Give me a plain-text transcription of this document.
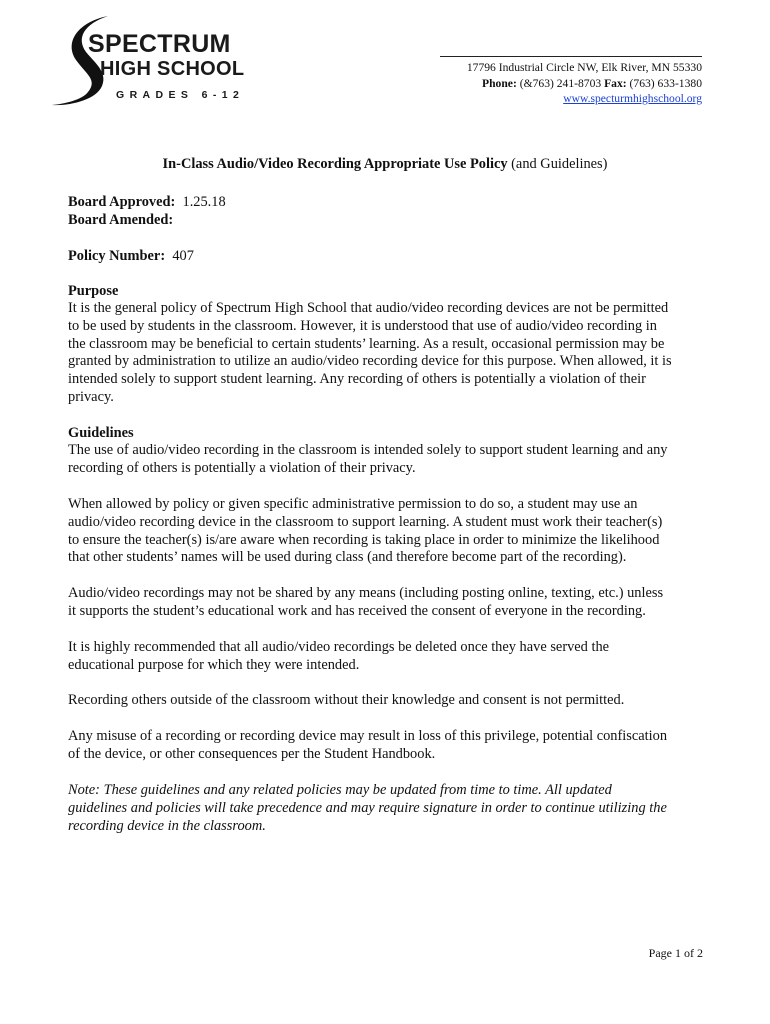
SPECTRUM
HIGH SCHOOL
GRADES 6-12
17796 Industrial Circle NW, Elk River, MN 55330
Phone: (&763) 241-8703 Fax: (763) 633-1380
www.specturmhighschool.org
In-Class Audio/Video Recording Appropriate Use Policy (and Guidelines)
Board Approved: 1.25.18
Board Amended:
Policy Number: 407
Purpose
It is the general policy of Spectrum High School that audio/video recording devices are not be permitted
to be used by students in the classroom. However, it is understood that use of audio/video recording in
the classroom may be beneficial to certain students’ learning. As a result, occasional permission may be
granted by administration to utilize an audio/video recording device for this purpose. When allowed, it is
intended solely to support student learning. Any recording of others is potentially a violation of their
privacy.
Guidelines
The use of audio/video recording in the classroom is intended solely to support student learning and any
recording of others is potentially a violation of their privacy.
When allowed by policy or given specific administrative permission to do so, a student may use an
audio/video recording device in the classroom to support learning. A student must work their teacher(s)
to ensure the teacher(s) is/are aware when recording is taking place in order to minimize the likelihood
that other students’ names will be used during class (and therefore become part of the recording).
Audio/video recordings may not be shared by any means (including posting online, texting, etc.) unless
it supports the student’s educational work and has received the consent of everyone in the recording.
It is highly recommended that all audio/video recordings be deleted once they have served the
educational purpose for which they were intended.
Recording others outside of the classroom without their knowledge and consent is not permitted.
Any misuse of a recording or recording device may result in loss of this privilege, potential confiscation
of the device, or other consequences per the Student Handbook.
Note: These guidelines and any related policies may be updated from time to time. All updated
guidelines and policies will take precedence and may require signature in order to continue utilizing the
recording device in the classroom.
Page 1 of 2
